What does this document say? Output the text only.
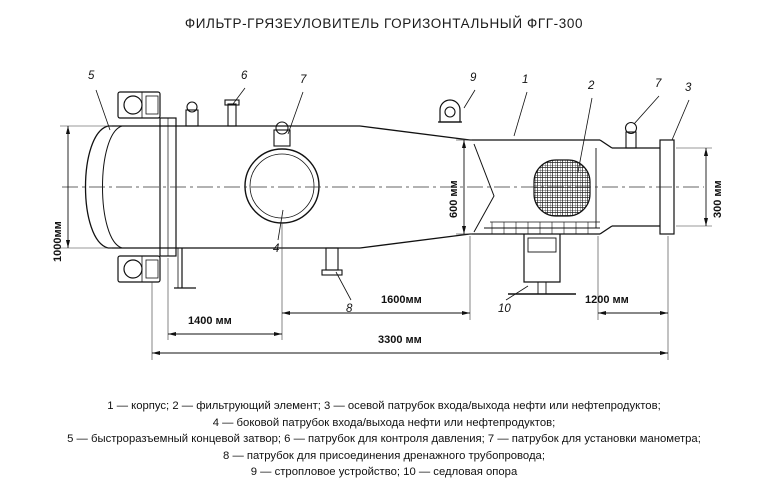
ФИЛЬТР-ГРЯЗЕУЛОВИТЕЛЬ ГОРИЗОНТАЛЬНЫЙ ФГГ-300
5	6	7	9	1	2	7 3
4
8	10
1000мм
600 мм	300 мм
1400 мм
1600мм	1200 мм
3300 мм
1 — корпус; 2 — фильтрующий элемент; 3 — осевой патрубок входа/выхода нефти или нефтепродуктов;
4 — боковой патрубок входа/выхода нефти или нефтепродуктов;
5 — быстроразъемный концевой затвор; 6 — патрубок для контроля давления; 7 — патрубок для установки манометра;
8 — патрубок для присоединения дренажного трубопровода;
9 — стропловое устройство; 10 — седловая опора
